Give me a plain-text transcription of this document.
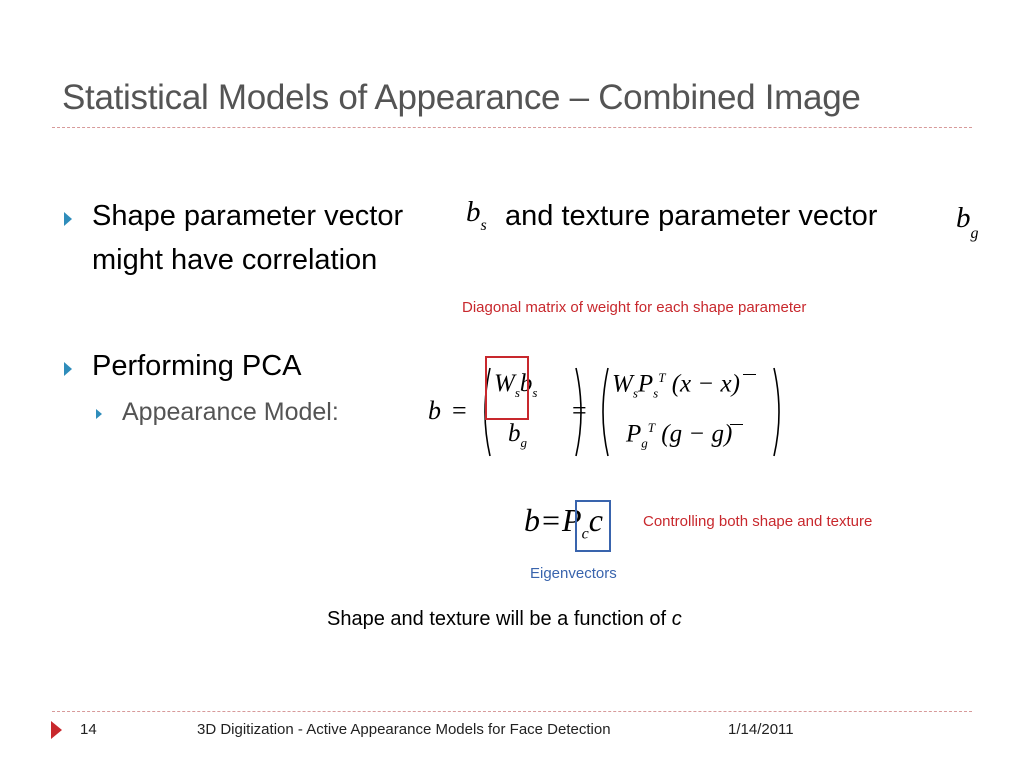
Statistical Models of Appearance – Combined Image
Shape parameter vector $b_s$ and texture parameter vector	$b_g$
might have correlation
Diagonal matrix of weight for each shape parameter
Performing PCA
Appearance Model:	b =
$W_sb_s$
$b_g$
=
$W_sP_s^T$ (x − x)
$P_g^T$ (g − g)
$b=P_cc$	Controlling both shape and texture
Eigenvectors
Shape and texture will be a function of c
14	3D Digitization - Active Appearance Models for Face Detection	1/14/2011
